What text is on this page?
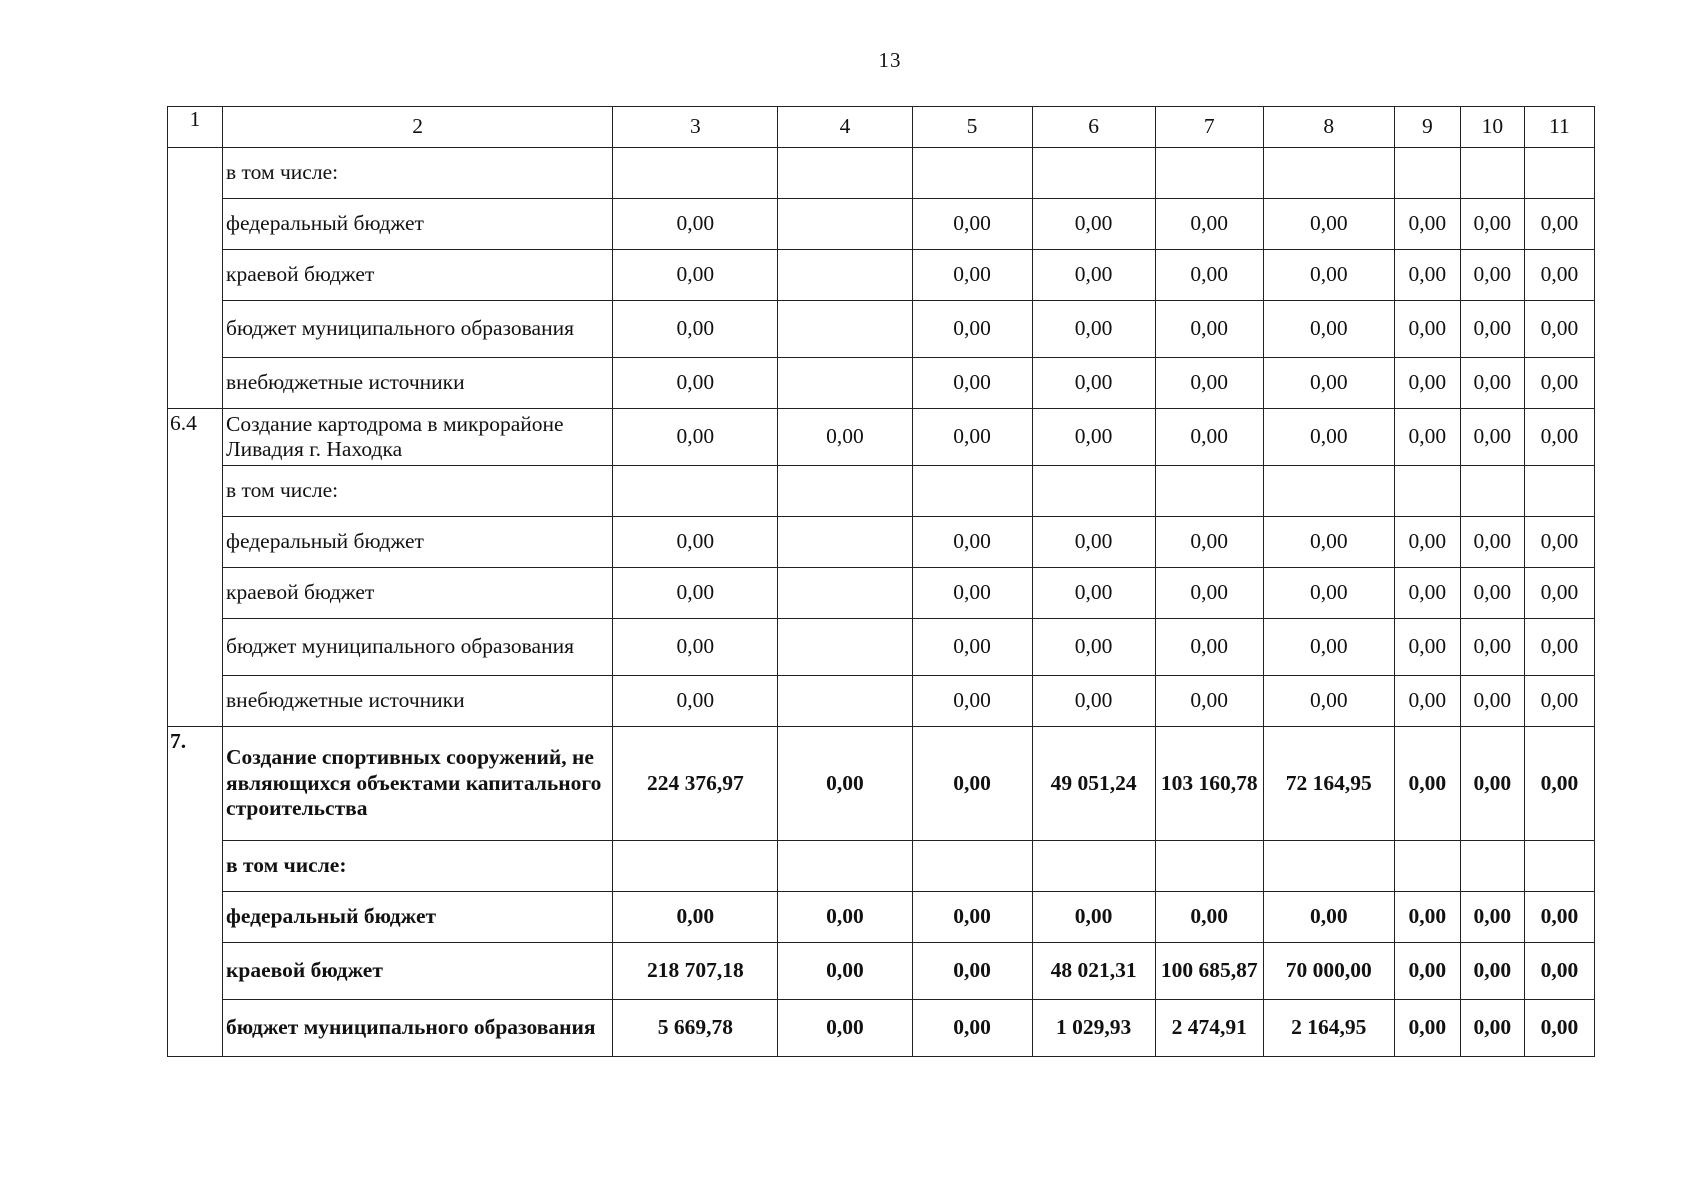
13
1	2	3	4	5	6	7	8	9	10	11
	в том числе:									
	федеральный бюджет	0,00		0,00	0,00	0,00	0,00	0,00	0,00	0,00
	краевой бюджет	0,00		0,00	0,00	0,00	0,00	0,00	0,00	0,00
	бюджет муниципального образования	0,00		0,00	0,00	0,00	0,00	0,00	0,00	0,00
	внебюджетные источники	0,00		0,00	0,00	0,00	0,00	0,00	0,00	0,00
6.4	Создание картодрома в микрорайоне Ливадия г. Находка	0,00	0,00	0,00	0,00	0,00	0,00	0,00	0,00	0,00
	в том числе:									
	федеральный бюджет	0,00		0,00	0,00	0,00	0,00	0,00	0,00	0,00
	краевой бюджет	0,00		0,00	0,00	0,00	0,00	0,00	0,00	0,00
	бюджет муниципального образования	0,00		0,00	0,00	0,00	0,00	0,00	0,00	0,00
	внебюджетные источники	0,00		0,00	0,00	0,00	0,00	0,00	0,00	0,00
7.	Создание спортивных сооружений, не являющихся объектами капитального строительства	224 376,97	0,00	0,00	49 051,24	103 160,78	72 164,95	0,00	0,00	0,00
	в том числе:									
	федеральный бюджет	0,00	0,00	0,00	0,00	0,00	0,00	0,00	0,00	0,00
	краевой бюджет	218 707,18	0,00	0,00	48 021,31	100 685,87	70 000,00	0,00	0,00	0,00
	бюджет муниципального образования	5 669,78	0,00	0,00	1 029,93	2 474,91	2 164,95	0,00	0,00	0,00
